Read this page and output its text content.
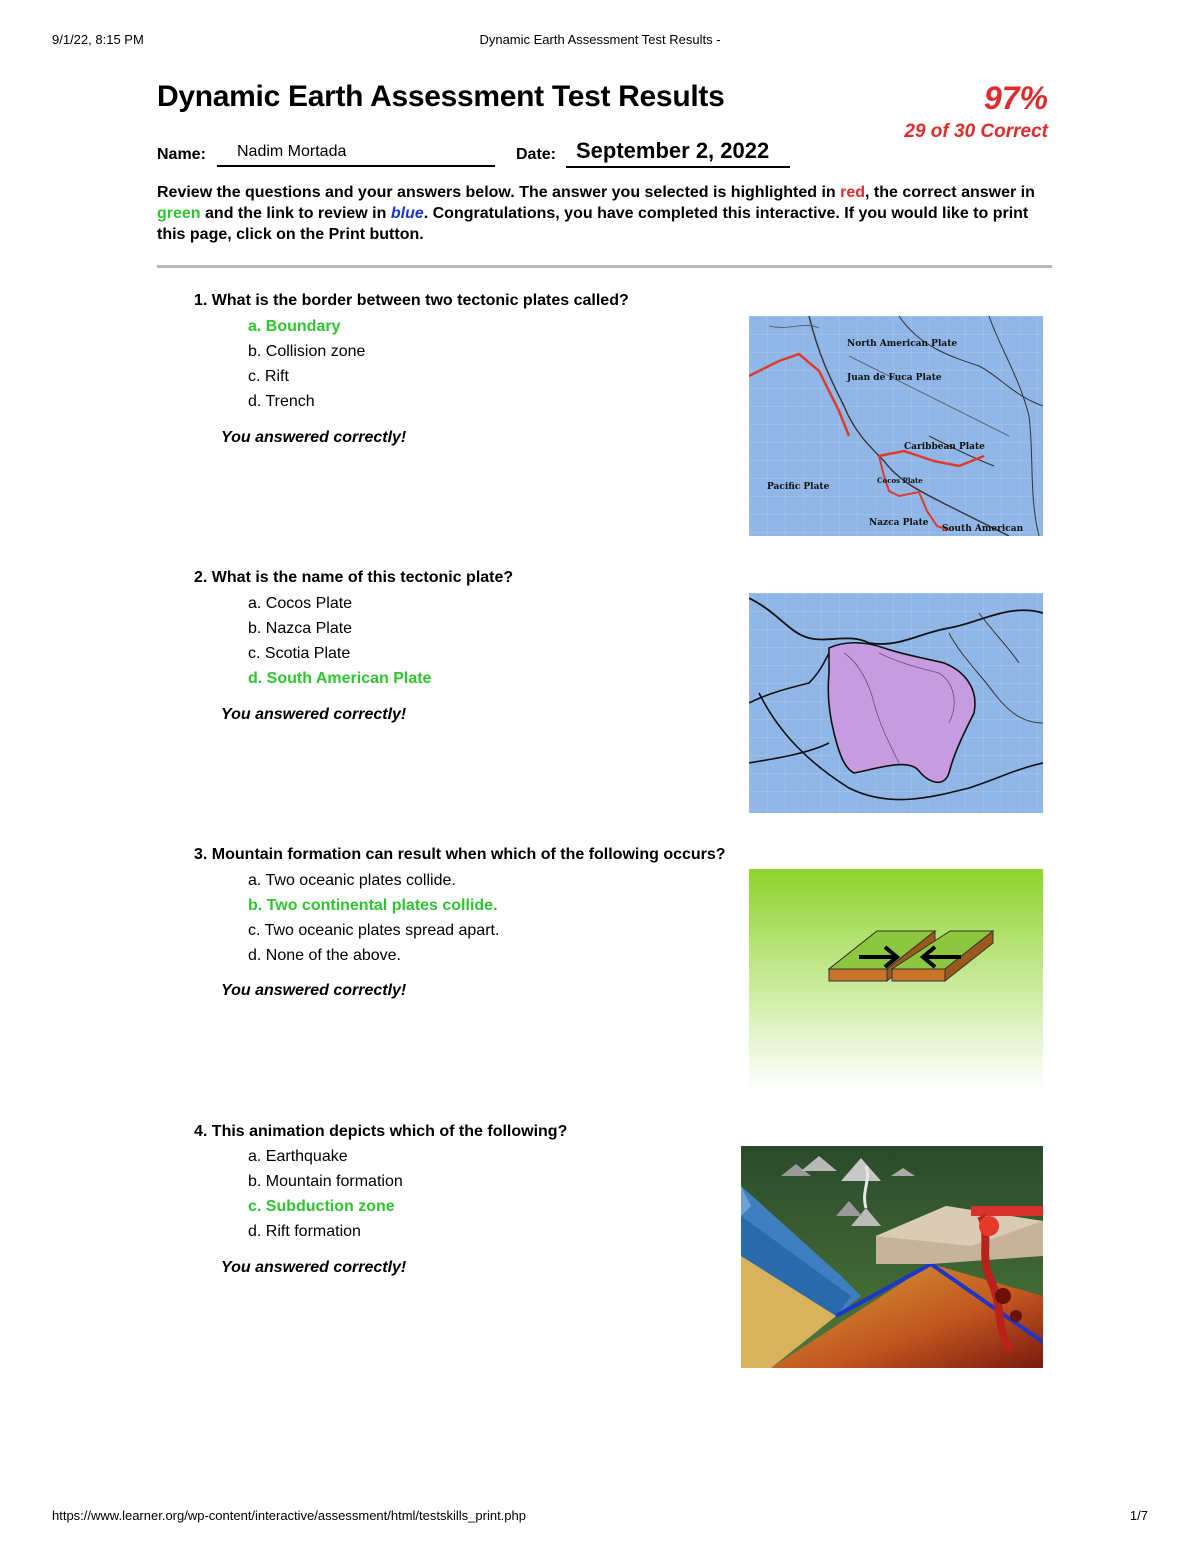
9/1/22, 8:15 PM	Dynamic Earth Assessment Test Results -
Dynamic Earth Assessment Test Results	97%
29 of 30 Correct
Name: Nadim Mortada	Date: September 2, 2022
Review the questions and your answers below. The answer you selected is highlighted in red, the correct answer in green and the link to review in blue. Congratulations, you have completed this interactive. If you would like to print this page, click on the Print button.
1. What is the border between two tectonic plates called?
a. Boundary
b. Collision zone
c. Rift
d. Trench
You answered correctly!
North American Plate
Juan de Fuca Plate
Caribbean Plate
Cocos Plate
Pacific Plate
Nazca Plate
South American
2. What is the name of this tectonic plate?
a. Cocos Plate
b. Nazca Plate
c. Scotia Plate
d. South American Plate
You answered correctly!
3. Mountain formation can result when which of the following occurs?
a. Two oceanic plates collide.
b. Two continental plates collide.
c. Two oceanic plates spread apart.
d. None of the above.
You answered correctly!
4. This animation depicts which of the following?
a. Earthquake
b. Mountain formation
c. Subduction zone
d. Rift formation
You answered correctly!
https://www.learner.org/wp-content/interactive/assessment/html/testskills_print.php	1/7
